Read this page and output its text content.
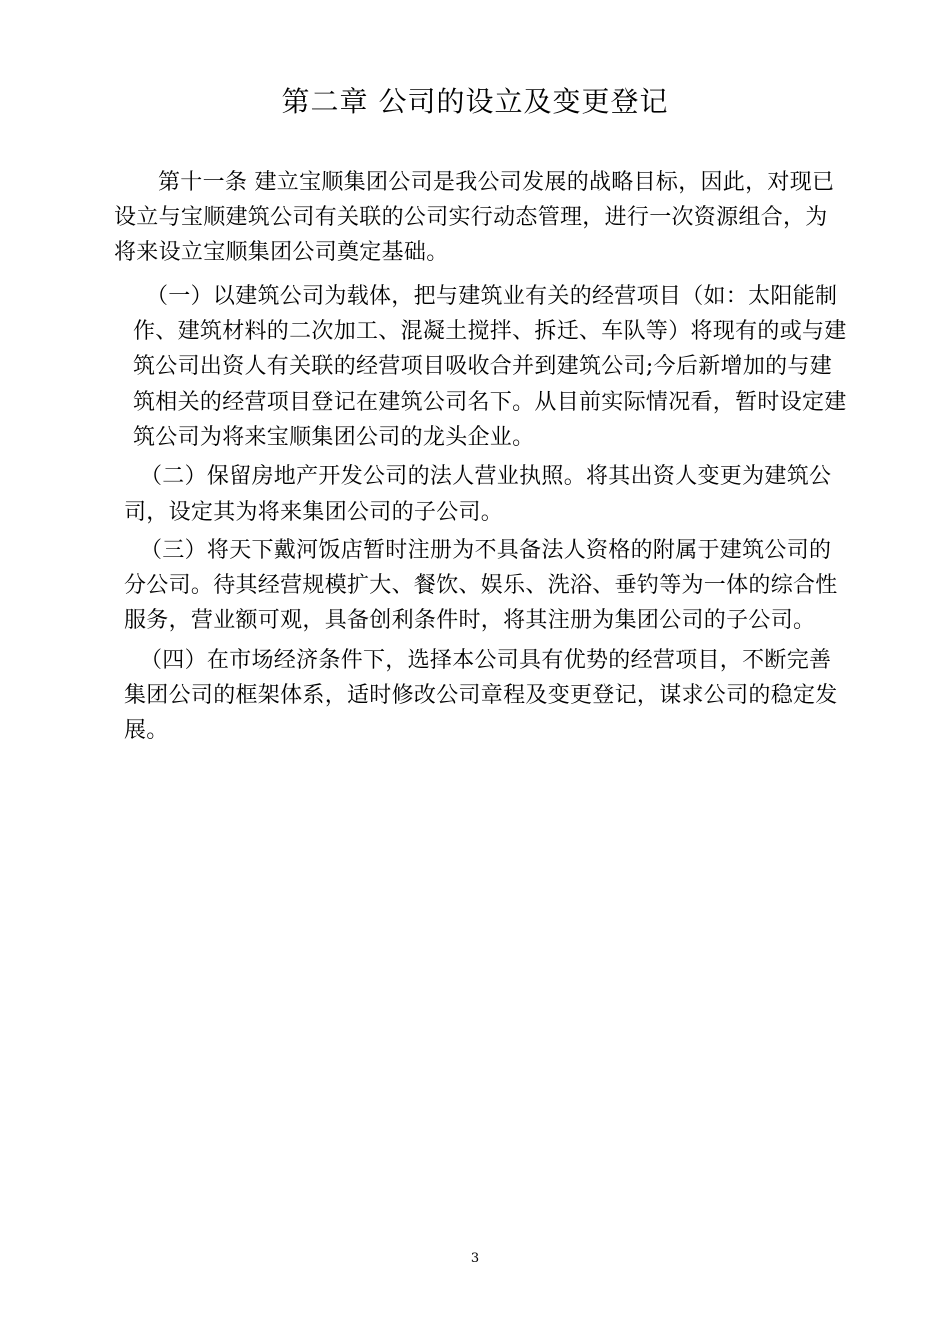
第二章 公司的设立及变更登记
第十一条 建立宝顺集团公司是我公司发展的战略目标，因此，对现已
设立与宝顺建筑公司有关联的公司实行动态管理，进行一次资源组合，为
将来设立宝顺集团公司奠定基础。
（一）以建筑公司为载体，把与建筑业有关的经营项目（如：太阳能制
作、建筑材料的二次加工、混凝土搅拌、拆迁、车队等）将现有的或与建
筑公司出资人有关联的经营项目吸收合并到建筑公司;今后新增加的与建
筑相关的经营项目登记在建筑公司名下。从目前实际情况看，暂时设定建
筑公司为将来宝顺集团公司的龙头企业。
（二）保留房地产开发公司的法人营业执照。将其出资人变更为建筑公
司，设定其为将来集团公司的子公司。
（三）将天下戴河饭店暂时注册为不具备法人资格的附属于建筑公司的
分公司。待其经营规模扩大、餐饮、娱乐、洗浴、垂钓等为一体的综合性
服务，营业额可观，具备创利条件时，将其注册为集团公司的子公司。
（四）在市场经济条件下，选择本公司具有优势的经营项目，不断完善
集团公司的框架体系，适时修改公司章程及变更登记，谋求公司的稳定发
展。
3
